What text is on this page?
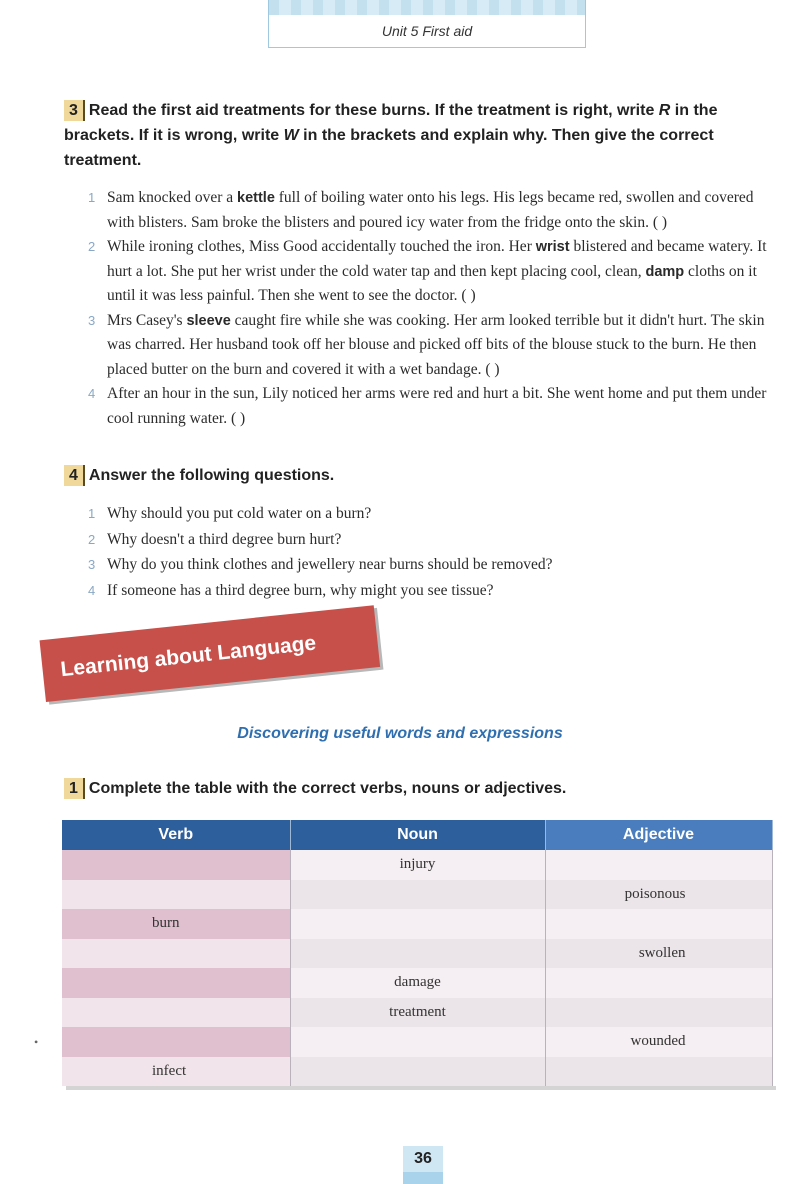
Unit 5 First aid
3 Read the first aid treatments for these burns. If the treatment is right, write R in the brackets. If it is wrong, write W in the brackets and explain why. Then give the correct treatment.
1 Sam knocked over a kettle full of boiling water onto his legs. His legs became red, swollen and covered with blisters. Sam broke the blisters and poured icy water from the fridge onto the skin. ( )
2 While ironing clothes, Miss Good accidentally touched the iron. Her wrist blistered and became watery. It hurt a lot. She put her wrist under the cold water tap and then kept placing cool, clean, damp cloths on it until it was less painful. Then she went to see the doctor. ( )
3 Mrs Casey's sleeve caught fire while she was cooking. Her arm looked terrible but it didn't hurt. The skin was charred. Her husband took off her blouse and picked off bits of the blouse stuck to the burn. He then placed butter on the burn and covered it with a wet bandage. ( )
4 After an hour in the sun, Lily noticed her arms were red and hurt a bit. She went home and put them under cool running water. ( )
4 Answer the following questions.
1 Why should you put cold water on a burn?
2 Why doesn't a third degree burn hurt?
3 Why do you think clothes and jewellery near burns should be removed?
4 If someone has a third degree burn, why might you see tissue?
Learning about Language
Discovering useful words and expressions
1 Complete the table with the correct verbs, nouns or adjectives.
Verb	Noun	Adjective
	injury	
		poisonous
burn		
		swollen
	damage	
	treatment	
		wounded
infect		
•
36
